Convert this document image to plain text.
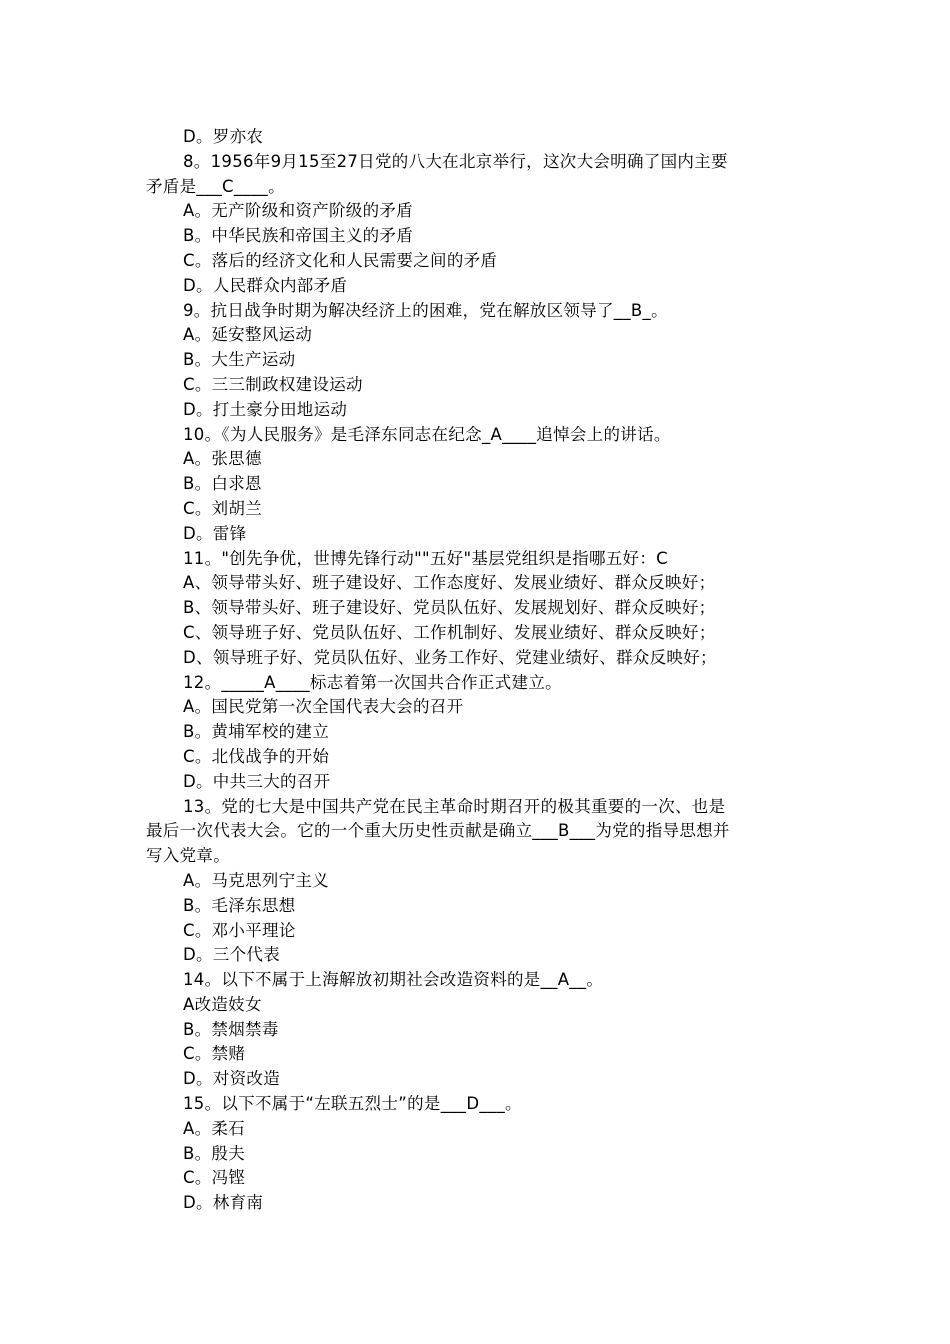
D。罗亦农
8。1956年9月15至27日党的八大在北京举行，这次大会明确了国内主要
矛盾是___C____。
A。无产阶级和资产阶级的矛盾
B。中华民族和帝国主义的矛盾
C。落后的经济文化和人民需要之间的矛盾
D。人民群众内部矛盾
9。抗日战争时期为解决经济上的困难，党在解放区领导了__B_。
A。延安整风运动
B。大生产运动
C。三三制政权建设运动
D。打土豪分田地运动
10。《为人民服务》是毛泽东同志在纪念_A____追悼会上的讲话。
A。张思德
B。白求恩
C。刘胡兰
D。雷锋
11。"创先争优，世博先锋行动""五好"基层党组织是指哪五好：C
A、领导带头好、班子建设好、工作态度好、发展业绩好、群众反映好；
B、领导带头好、班子建设好、党员队伍好、发展规划好、群众反映好；
C、领导班子好、党员队伍好、工作机制好、发展业绩好、群众反映好；
D、领导班子好、党员队伍好、业务工作好、党建业绩好、群众反映好；
12。_____A____标志着第一次国共合作正式建立。
A。国民党第一次全国代表大会的召开
B。黄埔军校的建立
C。北伐战争的开始
D。中共三大的召开
13。党的七大是中国共产党在民主革命时期召开的极其重要的一次、也是
最后一次代表大会。它的一个重大历史性贡献是确立___B___为党的指导思想并
写入党章。
A。马克思列宁主义
B。毛泽东思想
C。邓小平理论
D。三个代表
14。以下不属于上海解放初期社会改造资料的是__A__。
A改造妓女
B。禁烟禁毒
C。禁赌
D。对资改造
15。以下不属于“左联五烈士”的是___D___。
A。柔石
B。殷夫
C。冯铿
D。林育南
